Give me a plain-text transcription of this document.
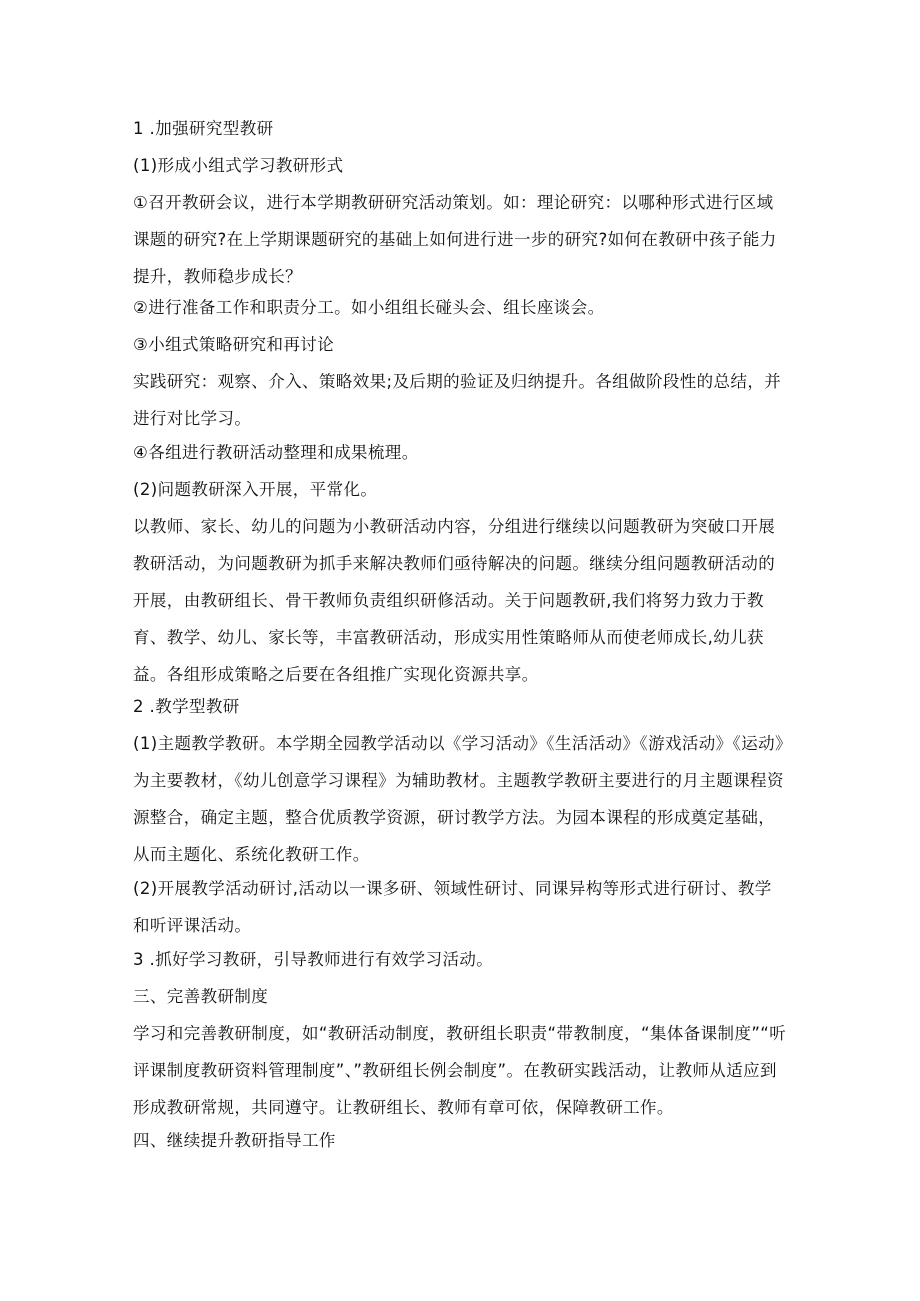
1 .加强研究型教研

(1)形成小组式学习教研形式

①召开教研会议，进行本学期教研研究活动策划。如：理论研究：以哪种形式进行区域课题的研究?在上学期课题研究的基础上如何进行进一步的研究?如何在教研中孩子能力提升，教师稳步成长？

②进行准备工作和职责分工。如小组组长碰头会、组长座谈会。

③小组式策略研究和再讨论

实践研究：观察、介入、策略效果;及后期的验证及归纳提升。各组做阶段性的总结，并进行对比学习。

④各组进行教研活动整理和成果梳理。

(2)问题教研深入开展，平常化。

以教师、家长、幼儿的问题为小教研活动内容，分组进行继续以问题教研为突破口开展教研活动，为问题教研为抓手来解决教师们亟待解决的问题。继续分组问题教研活动的开展，由教研组长、骨干教师负责组织研修活动。关于问题教研,我们将努力致力于教育、教学、幼儿、家长等，丰富教研活动，形成实用性策略师从而使老师成长,幼儿获益。各组形成策略之后要在各组推广实现化资源共享。

2 .教学型教研

(1)主题教学教研。本学期全园教学活动以《学习活动》《生活活动》《游戏活动》《运动》为主要教材，《幼儿创意学习课程》为辅助教材。主题教学教研主要进行的月主题课程资源整合，确定主题，整合优质教学资源，研讨教学方法。为园本课程的形成奠定基础，从而主题化、系统化教研工作。

(2)开展教学活动研讨,活动以一课多研、领域性研讨、同课异构等形式进行研讨、教学和听评课活动。

3 .抓好学习教研，引导教师进行有效学习活动。

三、完善教研制度

学习和完善教研制度，如“教研活动制度，教研组长职责“带教制度，“集体备课制度”“听评课制度教研资料管理制度”、”教研组长例会制度”。在教研实践活动，让教师从适应到形成教研常规，共同遵守。让教研组长、教师有章可依，保障教研工作。

四、继续提升教研指导工作
